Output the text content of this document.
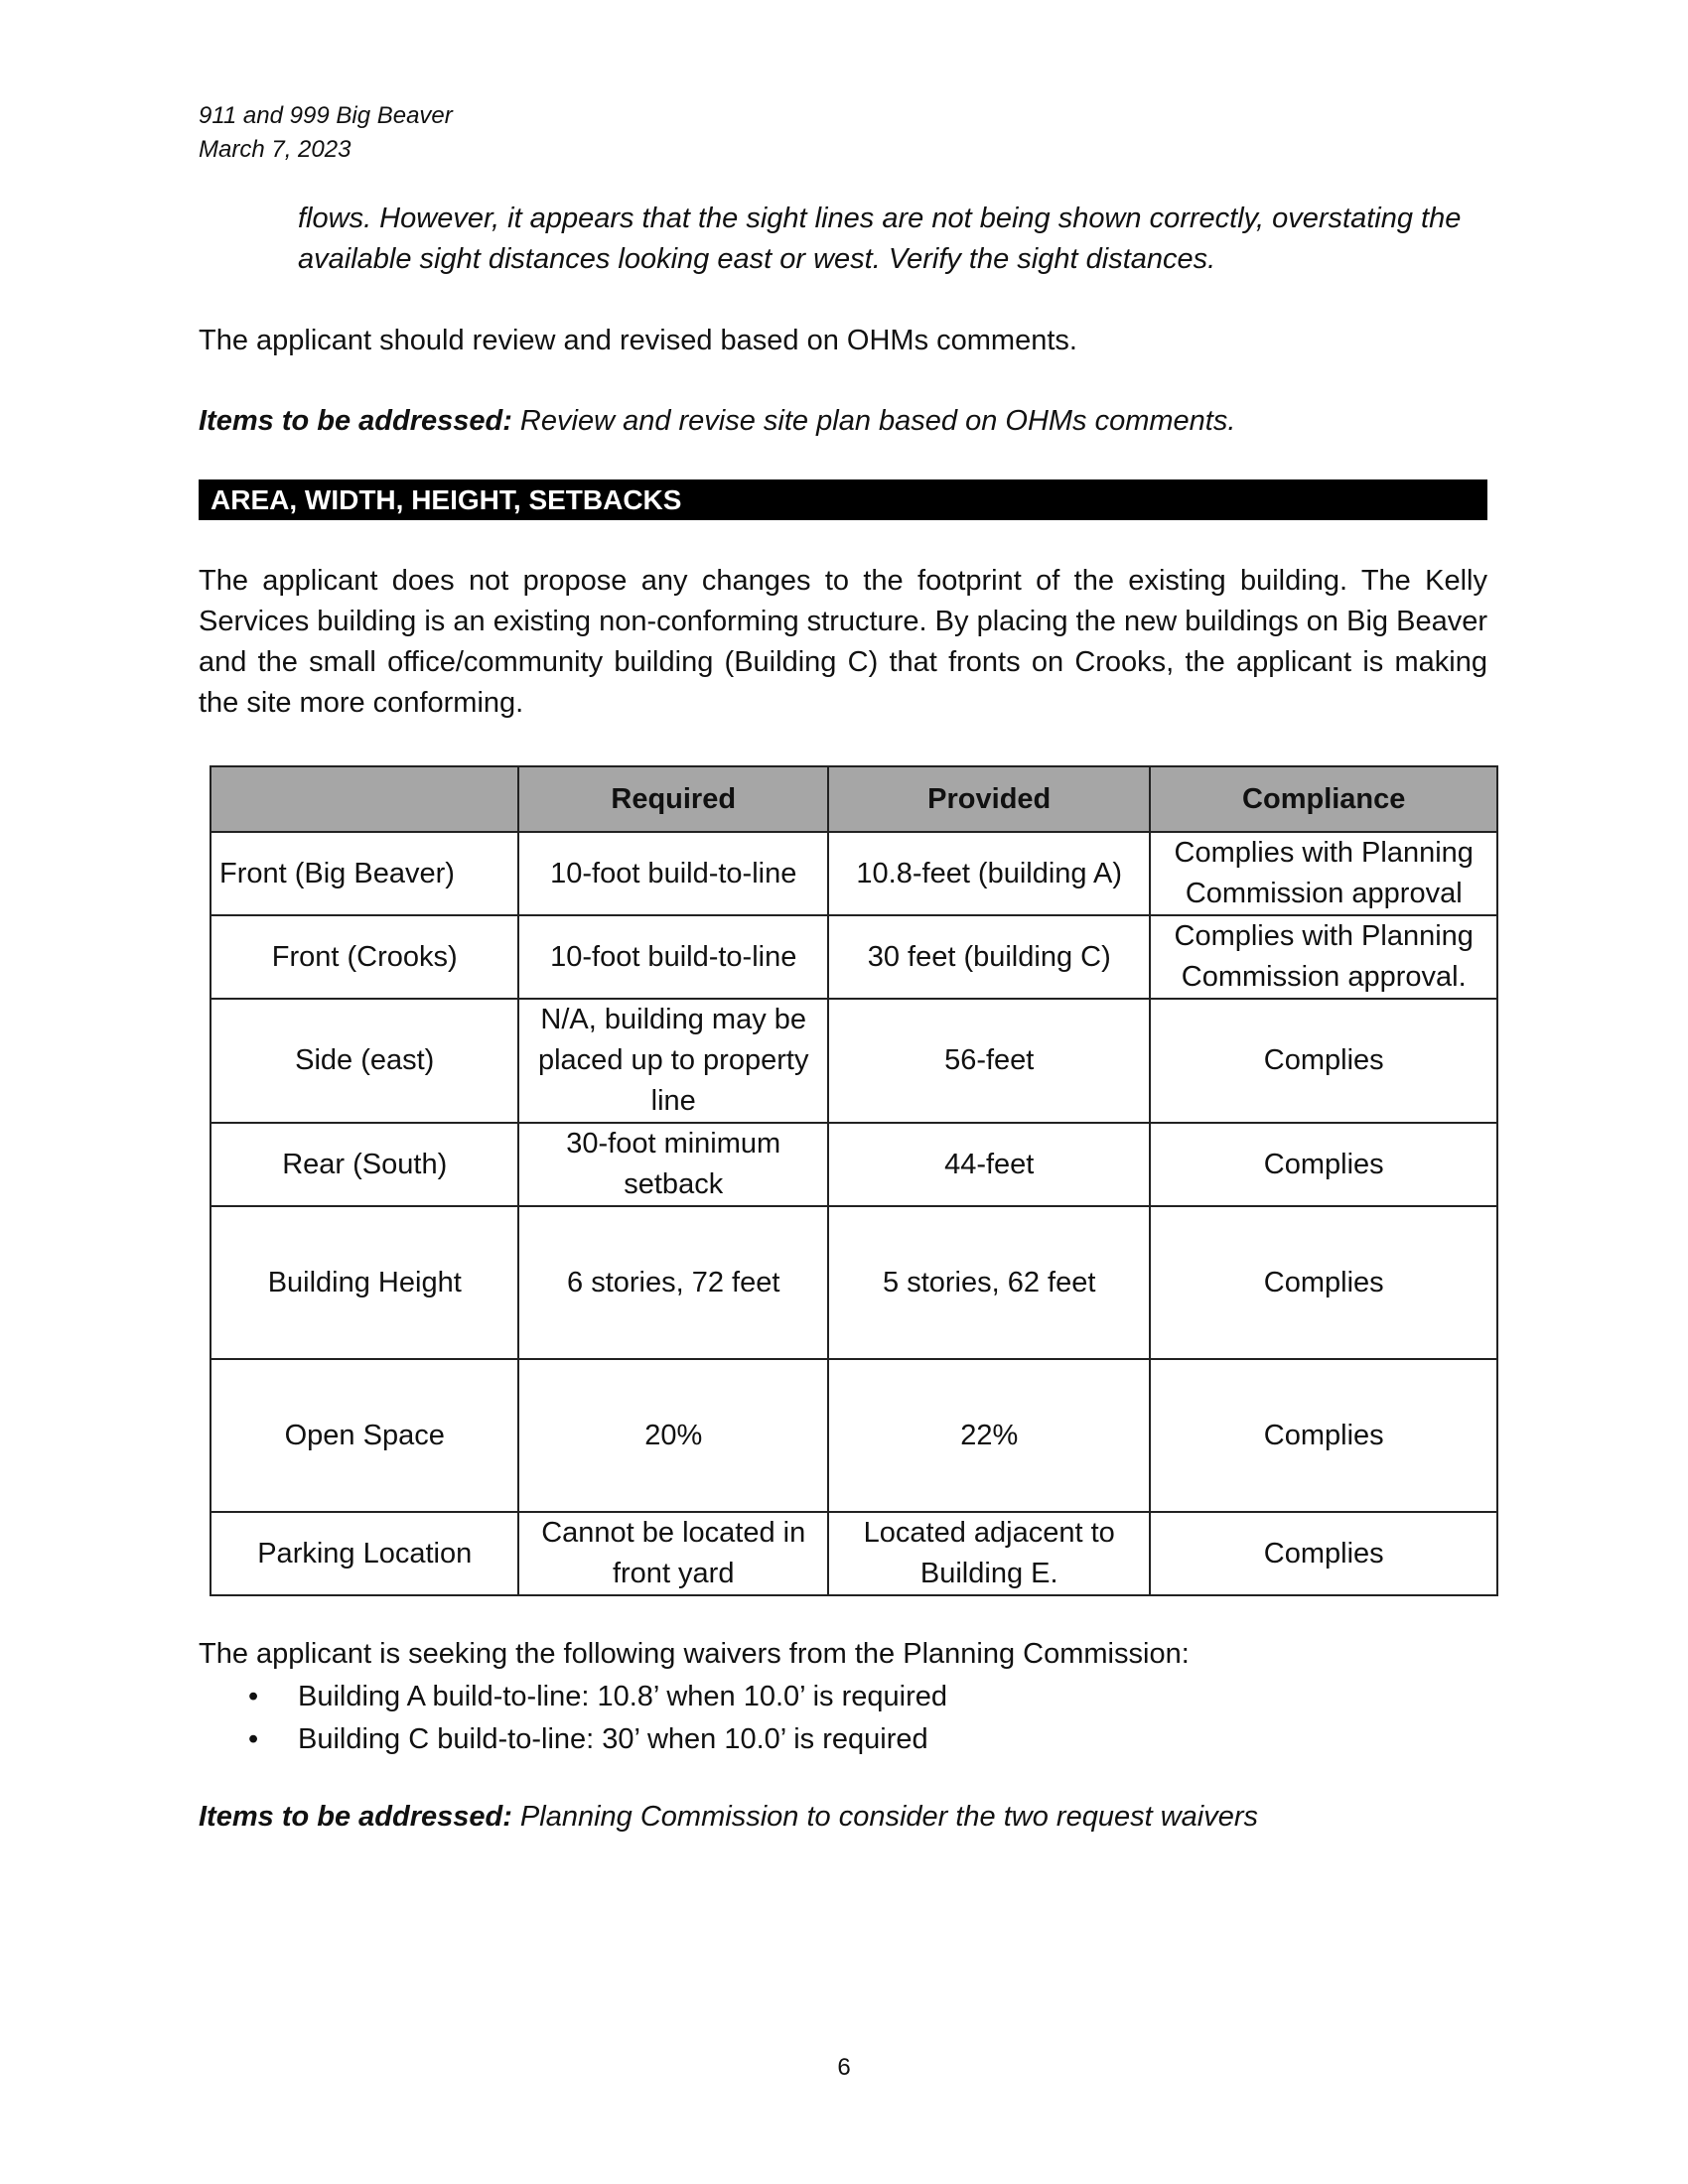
911 and 999 Big Beaver
March 7, 2023
flows. However, it appears that the sight lines are not being shown correctly, overstating the available sight distances looking east or west. Verify the sight distances.
The applicant should review and revised based on OHMs comments.
Items to be addressed: Review and revise site plan based on OHMs comments.
AREA, WIDTH, HEIGHT, SETBACKS
The applicant does not propose any changes to the footprint of the existing building. The Kelly Services building is an existing non-conforming structure. By placing the new buildings on Big Beaver and the small office/community building (Building C) that fronts on Crooks, the applicant is making the site more conforming.
	Required	Provided	Compliance
Front (Big Beaver)	10-foot build-to-line	10.8-feet (building A)	Complies with Planning Commission approval
Front (Crooks)	10-foot build-to-line	30 feet (building C)	Complies with Planning Commission approval.
Side (east)	N/A, building may be placed up to property line	56-feet	Complies
Rear (South)	30-foot minimum setback	44-feet	Complies
Building Height	6 stories, 72 feet	5 stories, 62 feet	Complies
Open Space	20%	22%	Complies
Parking Location	Cannot be located in front yard	Located adjacent to Building E.	Complies
The applicant is seeking the following waivers from the Planning Commission:
• Building A build-to-line: 10.8’ when 10.0’ is required
• Building C build-to-line: 30’ when 10.0’ is required
Items to be addressed: Planning Commission to consider the two request waivers
6
